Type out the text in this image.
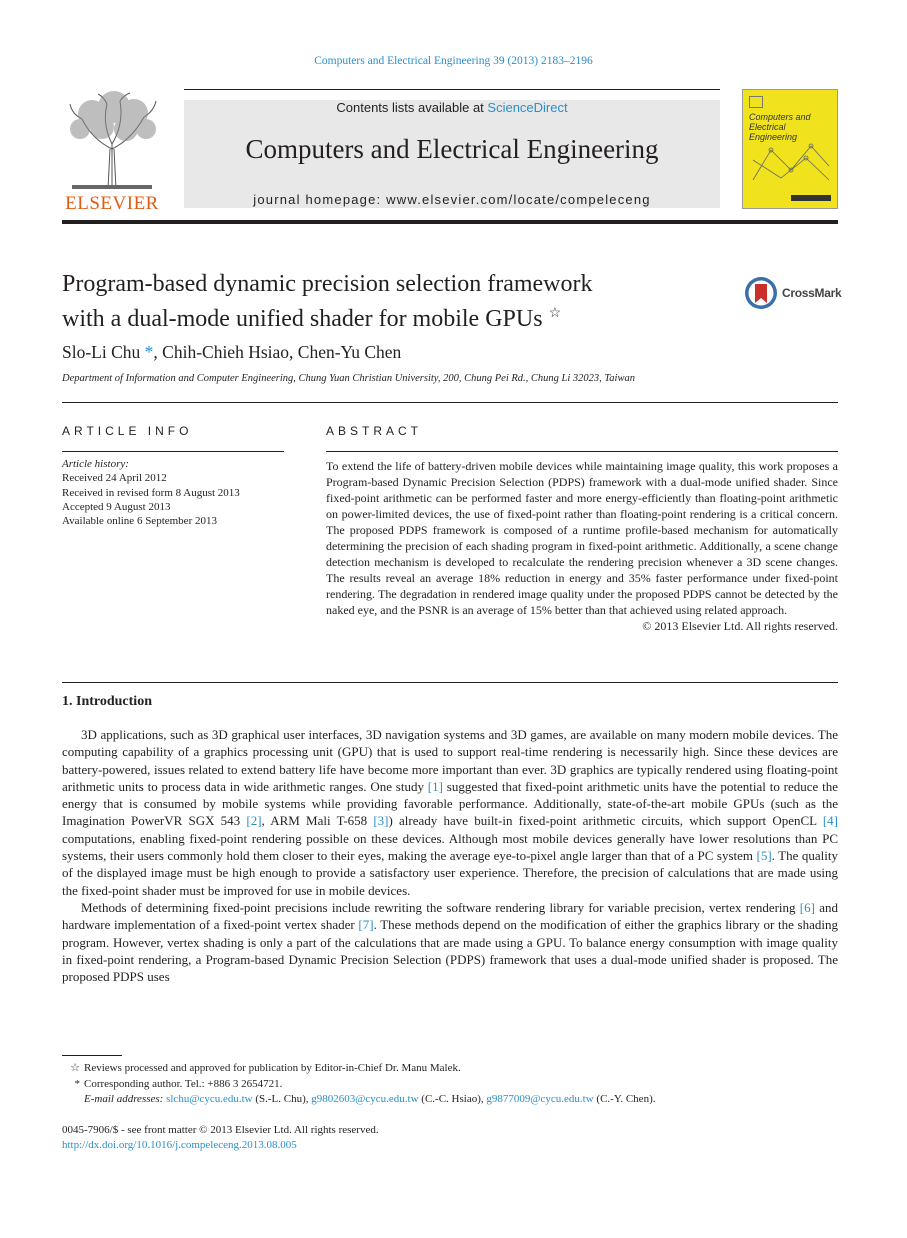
Computers and Electrical Engineering 39 (2013) 2183–2196
ELSEVIER
Contents lists available at ScienceDirect
Computers and Electrical Engineering
journal homepage: www.elsevier.com/locate/compeleceng
Computers and Electrical Engineering
Program-based dynamic precision selection framework
with a dual-mode unified shader for mobile GPUs ☆
CrossMark
Slo-Li Chu *, Chih-Chieh Hsiao, Chen-Yu Chen
Department of Information and Computer Engineering, Chung Yuan Christian University, 200, Chung Pei Rd., Chung Li 32023, Taiwan
ARTICLE INFO	ABSTRACT
Article history:
Received 24 April 2012
Received in revised form 8 August 2013
Accepted 9 August 2013
Available online 6 September 2013
To extend the life of battery-driven mobile devices while maintaining image quality, this work proposes a Program-based Dynamic Precision Selection (PDPS) framework with a dual-mode unified shader. Since fixed-point arithmetic can be performed faster and more energy-efficiently than floating-point arithmetic on power-limited devices, the use of fixed-point rather than floating-point rendering is a critical concern. The proposed PDPS framework is composed of a runtime profile-based mechanism for automatically determining the precision of each shading program in fixed-point arithmetic. Additionally, a scene change detection mechanism is developed to recalculate the rendering precision whenever a 3D scene changes. The results reveal an average 18% reduction in energy and 35% faster performance under fixed-point rendering. The degradation in rendered image quality under the proposed PDPS cannot be detected by the naked eye, and the PSNR is an average of 15% better than that achieved using related approach.
© 2013 Elsevier Ltd. All rights reserved.
1. Introduction

3D applications, such as 3D graphical user interfaces, 3D navigation systems and 3D games, are available on many modern mobile devices. The computing capability of a graphics processing unit (GPU) that is used to support real-time rendering is necessarily high. Since these devices are battery-powered, issues related to extend battery life have become more important than ever. 3D graphics are typically rendered using floating-point arithmetic units to process data in wide arithmetic ranges. One study [1] suggested that fixed-point arithmetic units have the potential to reduce the energy that is consumed by mobile systems while providing favorable performance. Additionally, state-of-the-art mobile GPUs (such as the Imagination PowerVR SGX 543 [2], ARM Mali T-658 [3]) already have built-in fixed-point arithmetic circuits, which support OpenCL [4] computations, enabling fixed-point rendering possible on these devices. Although most mobile devices generally have lower resolutions than PC systems, their users commonly hold them closer to their eyes, making the average eye-to-pixel angle larger than that of a PC system [5]. The quality of the displayed image must be high enough to provide a satisfactory user experience. Therefore, the precision of calculations that are made using the fixed-point shader must be improved for use in mobile devices.

Methods of determining fixed-point precisions include rewriting the software rendering library for variable precision, vertex rendering [6] and hardware implementation of a fixed-point vertex shader [7]. These methods depend on the modification of either the graphics library or the shading program. However, vertex shading is only a part of the calculations that are made using a GPU. To balance energy consumption with image quality in fixed-point rendering, a Program-based Dynamic Precision Selection (PDPS) framework that uses a dual-mode unified shader is proposed. The proposed PDPS uses

☆ Reviews processed and approved for publication by Editor-in-Chief Dr. Manu Malek.
* Corresponding author. Tel.: +886 3 2654721.
E-mail addresses: slchu@cycu.edu.tw (S.-L. Chu), g9802603@cycu.edu.tw (C.-C. Hsiao), g9877009@cycu.edu.tw (C.-Y. Chen).
0045-7906/$ - see front matter © 2013 Elsevier Ltd. All rights reserved.
http://dx.doi.org/10.1016/j.compeleceng.2013.08.005
